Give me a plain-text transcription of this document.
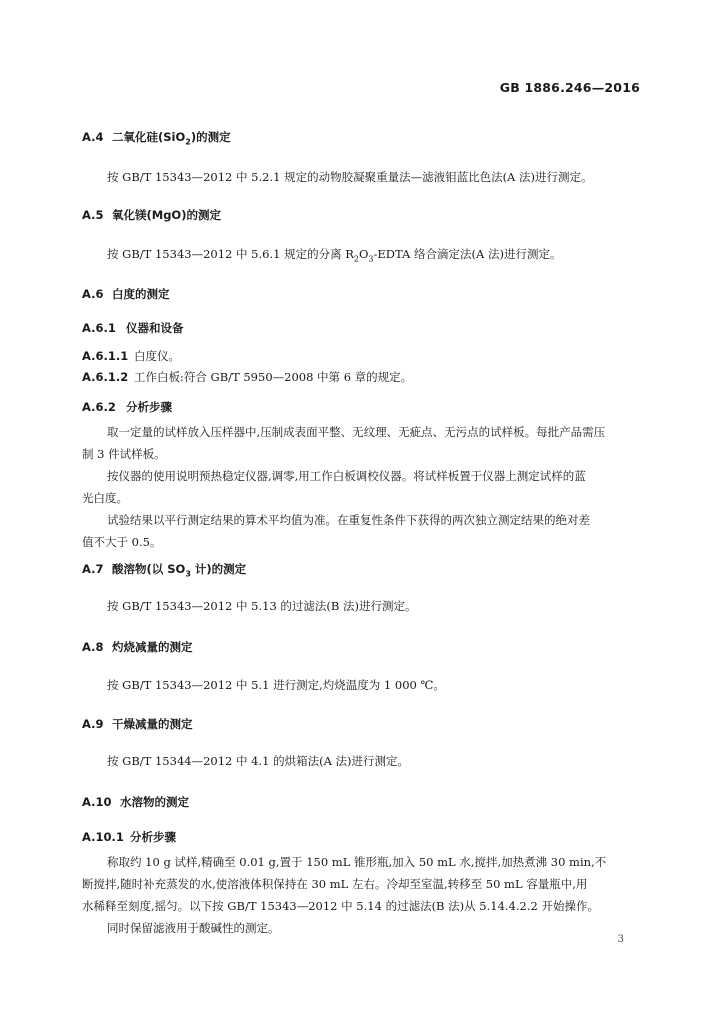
GB 1886.246—2016
A.4 二氧化硅(SiO$_2$)的测定
按 GB/T 15343—2012 中 5.2.1 规定的动物胶凝聚重量法—滤液钼蓝比色法(A 法)进行测定。
A.5 氧化镁(MgO)的测定
按 GB/T 15343—2012 中 5.6.1 规定的分离 $R_2O_3$-EDTA 络合滴定法(A 法)进行测定。
A.6 白度的测定
A.6.1 仪器和设备
A.6.1.1 白度仪。
A.6.1.2 工作白板:符合 GB/T 5950—2008 中第 6 章的规定。
A.6.2 分析步骤
取一定量的试样放入压样器中,压制成表面平整、无纹理、无疵点、无污点的试样板。每批产品需压
制 3 件试样板。
按仪器的使用说明预热稳定仪器,调零,用工作白板调校仪器。将试样板置于仪器上测定试样的蓝
光白度。
试验结果以平行测定结果的算术平均值为准。在重复性条件下获得的两次独立测定结果的绝对差
值不大于 0.5。
A.7 酸溶物(以 $SO_3$ 计)的测定
按 GB/T 15343—2012 中 5.13 的过滤法(B 法)进行测定。
A.8 灼烧减量的测定
按 GB/T 15343—2012 中 5.1 进行测定,灼烧温度为 1 000 ℃。
A.9 干燥减量的测定
按 GB/T 15344—2012 中 4.1 的烘箱法(A 法)进行测定。
A.10 水溶物的测定
A.10.1 分析步骤
称取约 10 g 试样,精确至 0.01 g,置于 150 mL 锥形瓶,加入 50 mL 水,搅拌,加热煮沸 30 min,不
断搅拌,随时补充蒸发的水,使溶液体积保持在 30 mL 左右。冷却至室温,转移至 50 mL 容量瓶中,用
水稀释至刻度,摇匀。以下按 GB/T 15343—2012 中 5.14 的过滤法(B 法)从 5.14.4.2.2 开始操作。
同时保留滤液用于酸碱性的测定。
3
